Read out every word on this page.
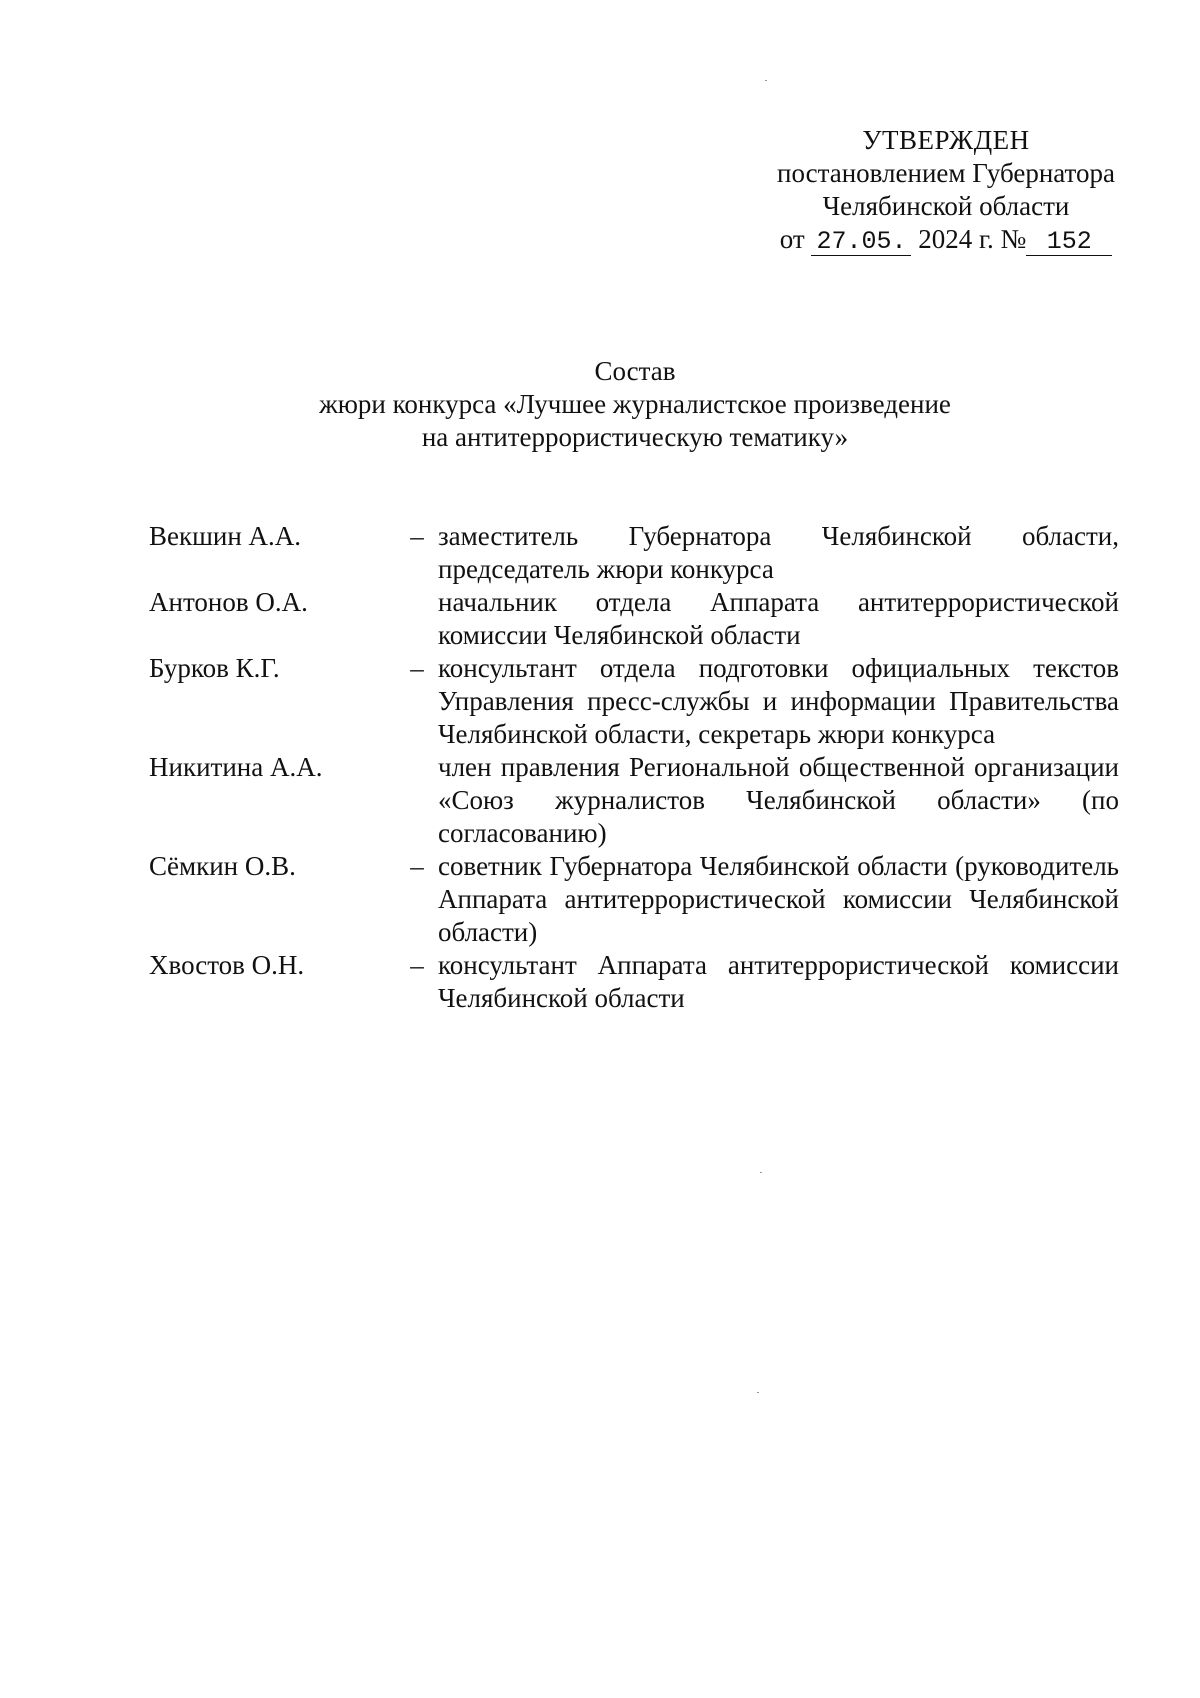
УТВЕРЖДЕН
постановлением Губернатора
Челябинской области
от 27.05. 2024 г. № 152
Состав
жюри конкурса «Лучшее журналистское произведение
на антитеррористическую тематику»
Векшин А.А.	– заместитель Губернатора Челябинской области, председатель жюри конкурса
Антонов О.А.	начальник отдела Аппарата антитеррористической комиссии Челябинской области
Бурков К.Г.	– консультант отдела подготовки официальных текстов Управления пресс-службы и информации Правительства Челябинской области, секретарь жюри конкурса
Никитина А.А.	член правления Региональной общественной организации «Союз журналистов Челябинской области» (по согласованию)
Сёмкин О.В.	– советник Губернатора Челябинской области (руководитель Аппарата антитеррористической комиссии Челябинской области)
Хвостов О.Н.	– консультант Аппарата антитеррористической комиссии Челябинской области
